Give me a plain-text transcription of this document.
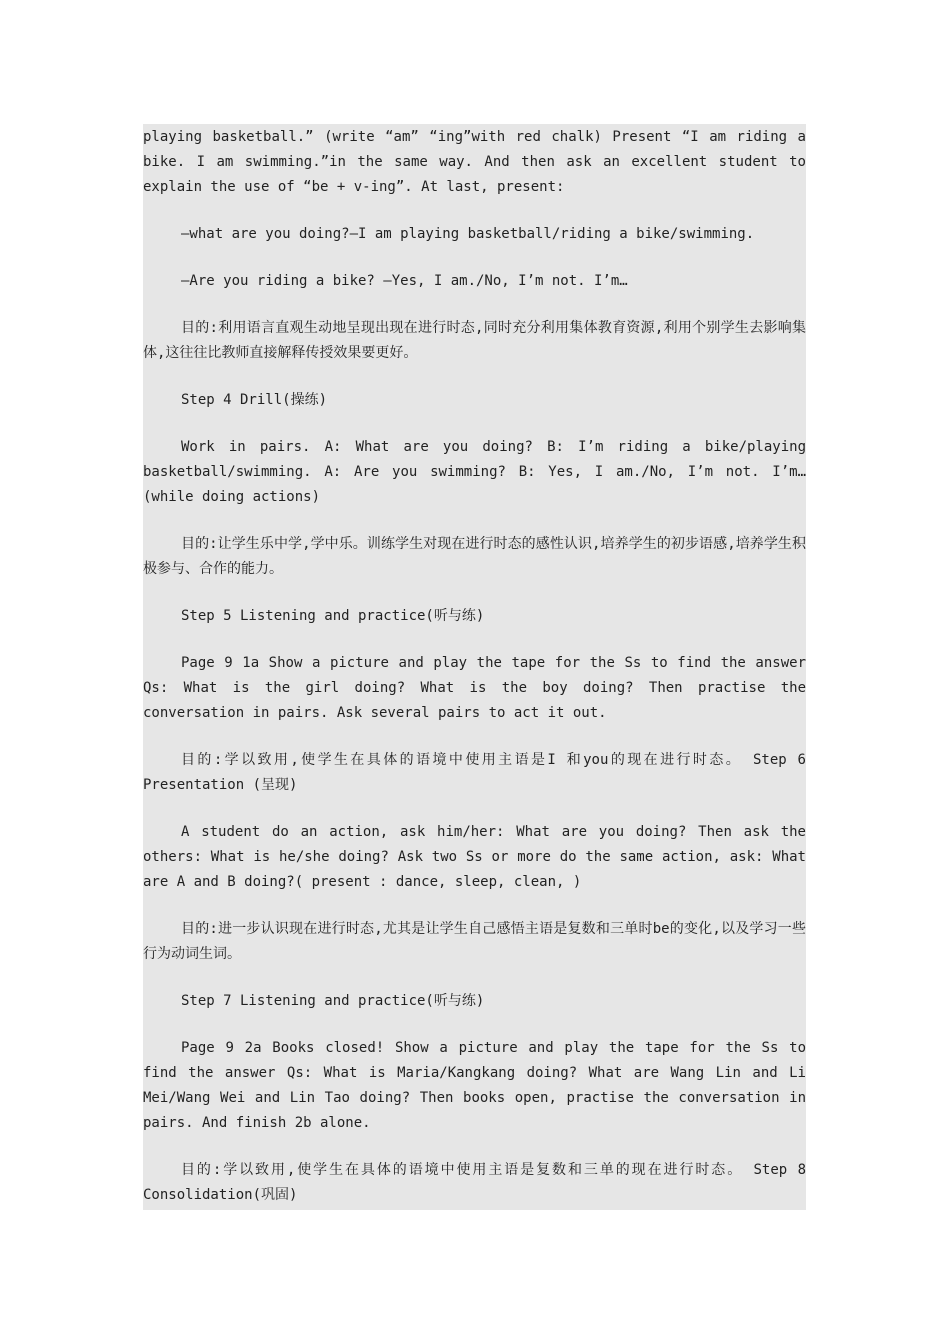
playing basketball.” (write “am” “ing”with red chalk) Present “I am riding a bike. I am swimming.”in the same way. And then ask an excellent student to explain the use of “be + v-ing”. At last, present:

—what are you doing?—I am playing basketball/riding a bike/swimming.

—Are you riding a bike? —Yes, I am./No, I’m not. I’m…

目的:利用语言直观生动地呈现出现在进行时态,同时充分利用集体教育资源,利用个别学生去影响集体,这往往比教师直接解释传授效果要更好。

Step 4 Drill(操练)

Work in pairs. A: What are you doing? B: I’m riding a bike/playing basketball/swimming. A: Are you swimming? B: Yes, I am./No, I’m not. I’m… (while doing actions)

目的:让学生乐中学,学中乐。训练学生对现在进行时态的感性认识,培养学生的初步语感,培养学生积极参与、合作的能力。

Step 5 Listening and practice(听与练)

Page 9 1a Show a picture and play the tape for the Ss to find the answer Qs: What is the girl doing? What is the boy doing? Then practise the conversation in pairs. Ask several pairs to act it out.

目的:学以致用,使学生在具体的语境中使用主语是I 和you的现在进行时态。 Step 6 Presentation (呈现)

A student do an action, ask him/her: What are you doing? Then ask the others: What is he/she doing? Ask two Ss or more do the same action, ask: What are A and B doing?( present : dance, sleep, clean, )

目的:进一步认识现在进行时态,尤其是让学生自己感悟主语是复数和三单时be的变化,以及学习一些行为动词生词。

Step 7 Listening and practice(听与练)

Page 9 2a Books closed! Show a picture and play the tape for the Ss to find the answer Qs: What is Maria/Kangkang doing? What are Wang Lin and Li Mei/Wang Wei and Lin Tao doing? Then books open, practise the conversation in pairs. And finish 2b alone.

目的:学以致用,使学生在具体的语境中使用主语是复数和三单的现在进行时态。 Step 8 Consolidation(巩固)
